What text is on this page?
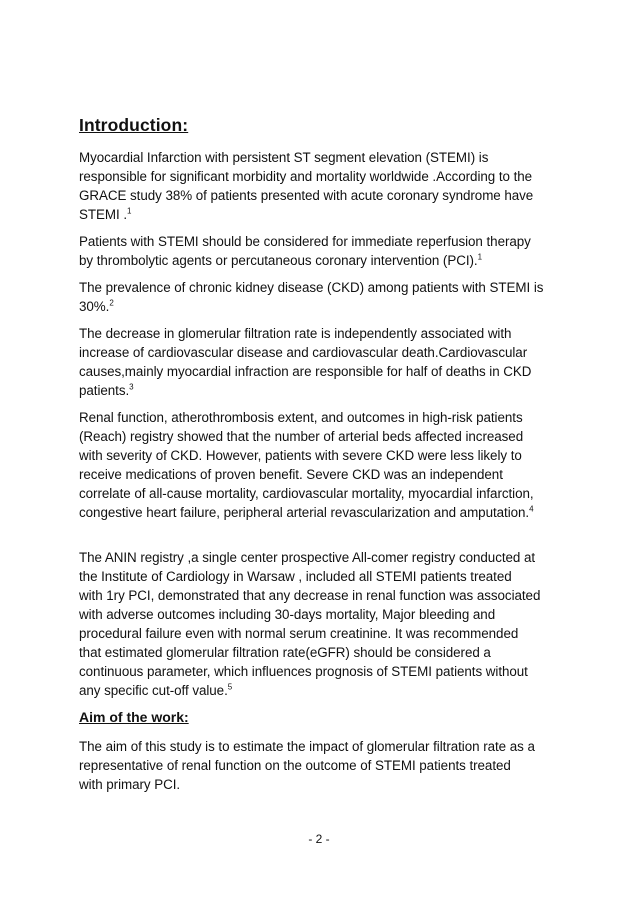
Introduction:

Myocardial Infarction with persistent ST segment elevation (STEMI) is
responsible for significant morbidity and mortality worldwide .According to the
GRACE study 38% of patients presented with acute coronary syndrome have
STEMI .$^1$

Patients with STEMI should be considered for immediate reperfusion therapy
by thrombolytic agents or percutaneous coronary intervention (PCI).$^1$

The prevalence of chronic kidney disease (CKD) among patients with STEMI is
30%.$^2$

The decrease in glomerular filtration rate is independently associated with
increase of cardiovascular disease and cardiovascular death.Cardiovascular
causes,mainly myocardial infraction are responsible for half of deaths in CKD
patients.$^3$

Renal function, atherothrombosis extent, and outcomes in high-risk patients
(Reach) registry showed that the number of arterial beds affected increased
with severity of CKD. However, patients with severe CKD were less likely to
receive medications of proven benefit. Severe CKD was an independent
correlate of all-cause mortality, cardiovascular mortality, myocardial infarction,
congestive heart failure, peripheral arterial revascularization and amputation.$^4$

The ANIN registry ,a single center prospective All-comer registry conducted at
the Institute of Cardiology in Warsaw , included all STEMI patients treated
with 1ry PCI, demonstrated that any decrease in renal function was associated
with adverse outcomes including 30-days mortality, Major bleeding and
procedural failure even with normal serum creatinine. It was recommended
that estimated glomerular filtration rate(eGFR) should be considered a
continuous parameter, which influences prognosis of STEMI patients without
any specific cut-off value.$^5$

Aim of the work:

The aim of this study is to estimate the impact of glomerular filtration rate as a
representative of renal function on the outcome of STEMI patients treated
with primary PCI.

- 2 -
